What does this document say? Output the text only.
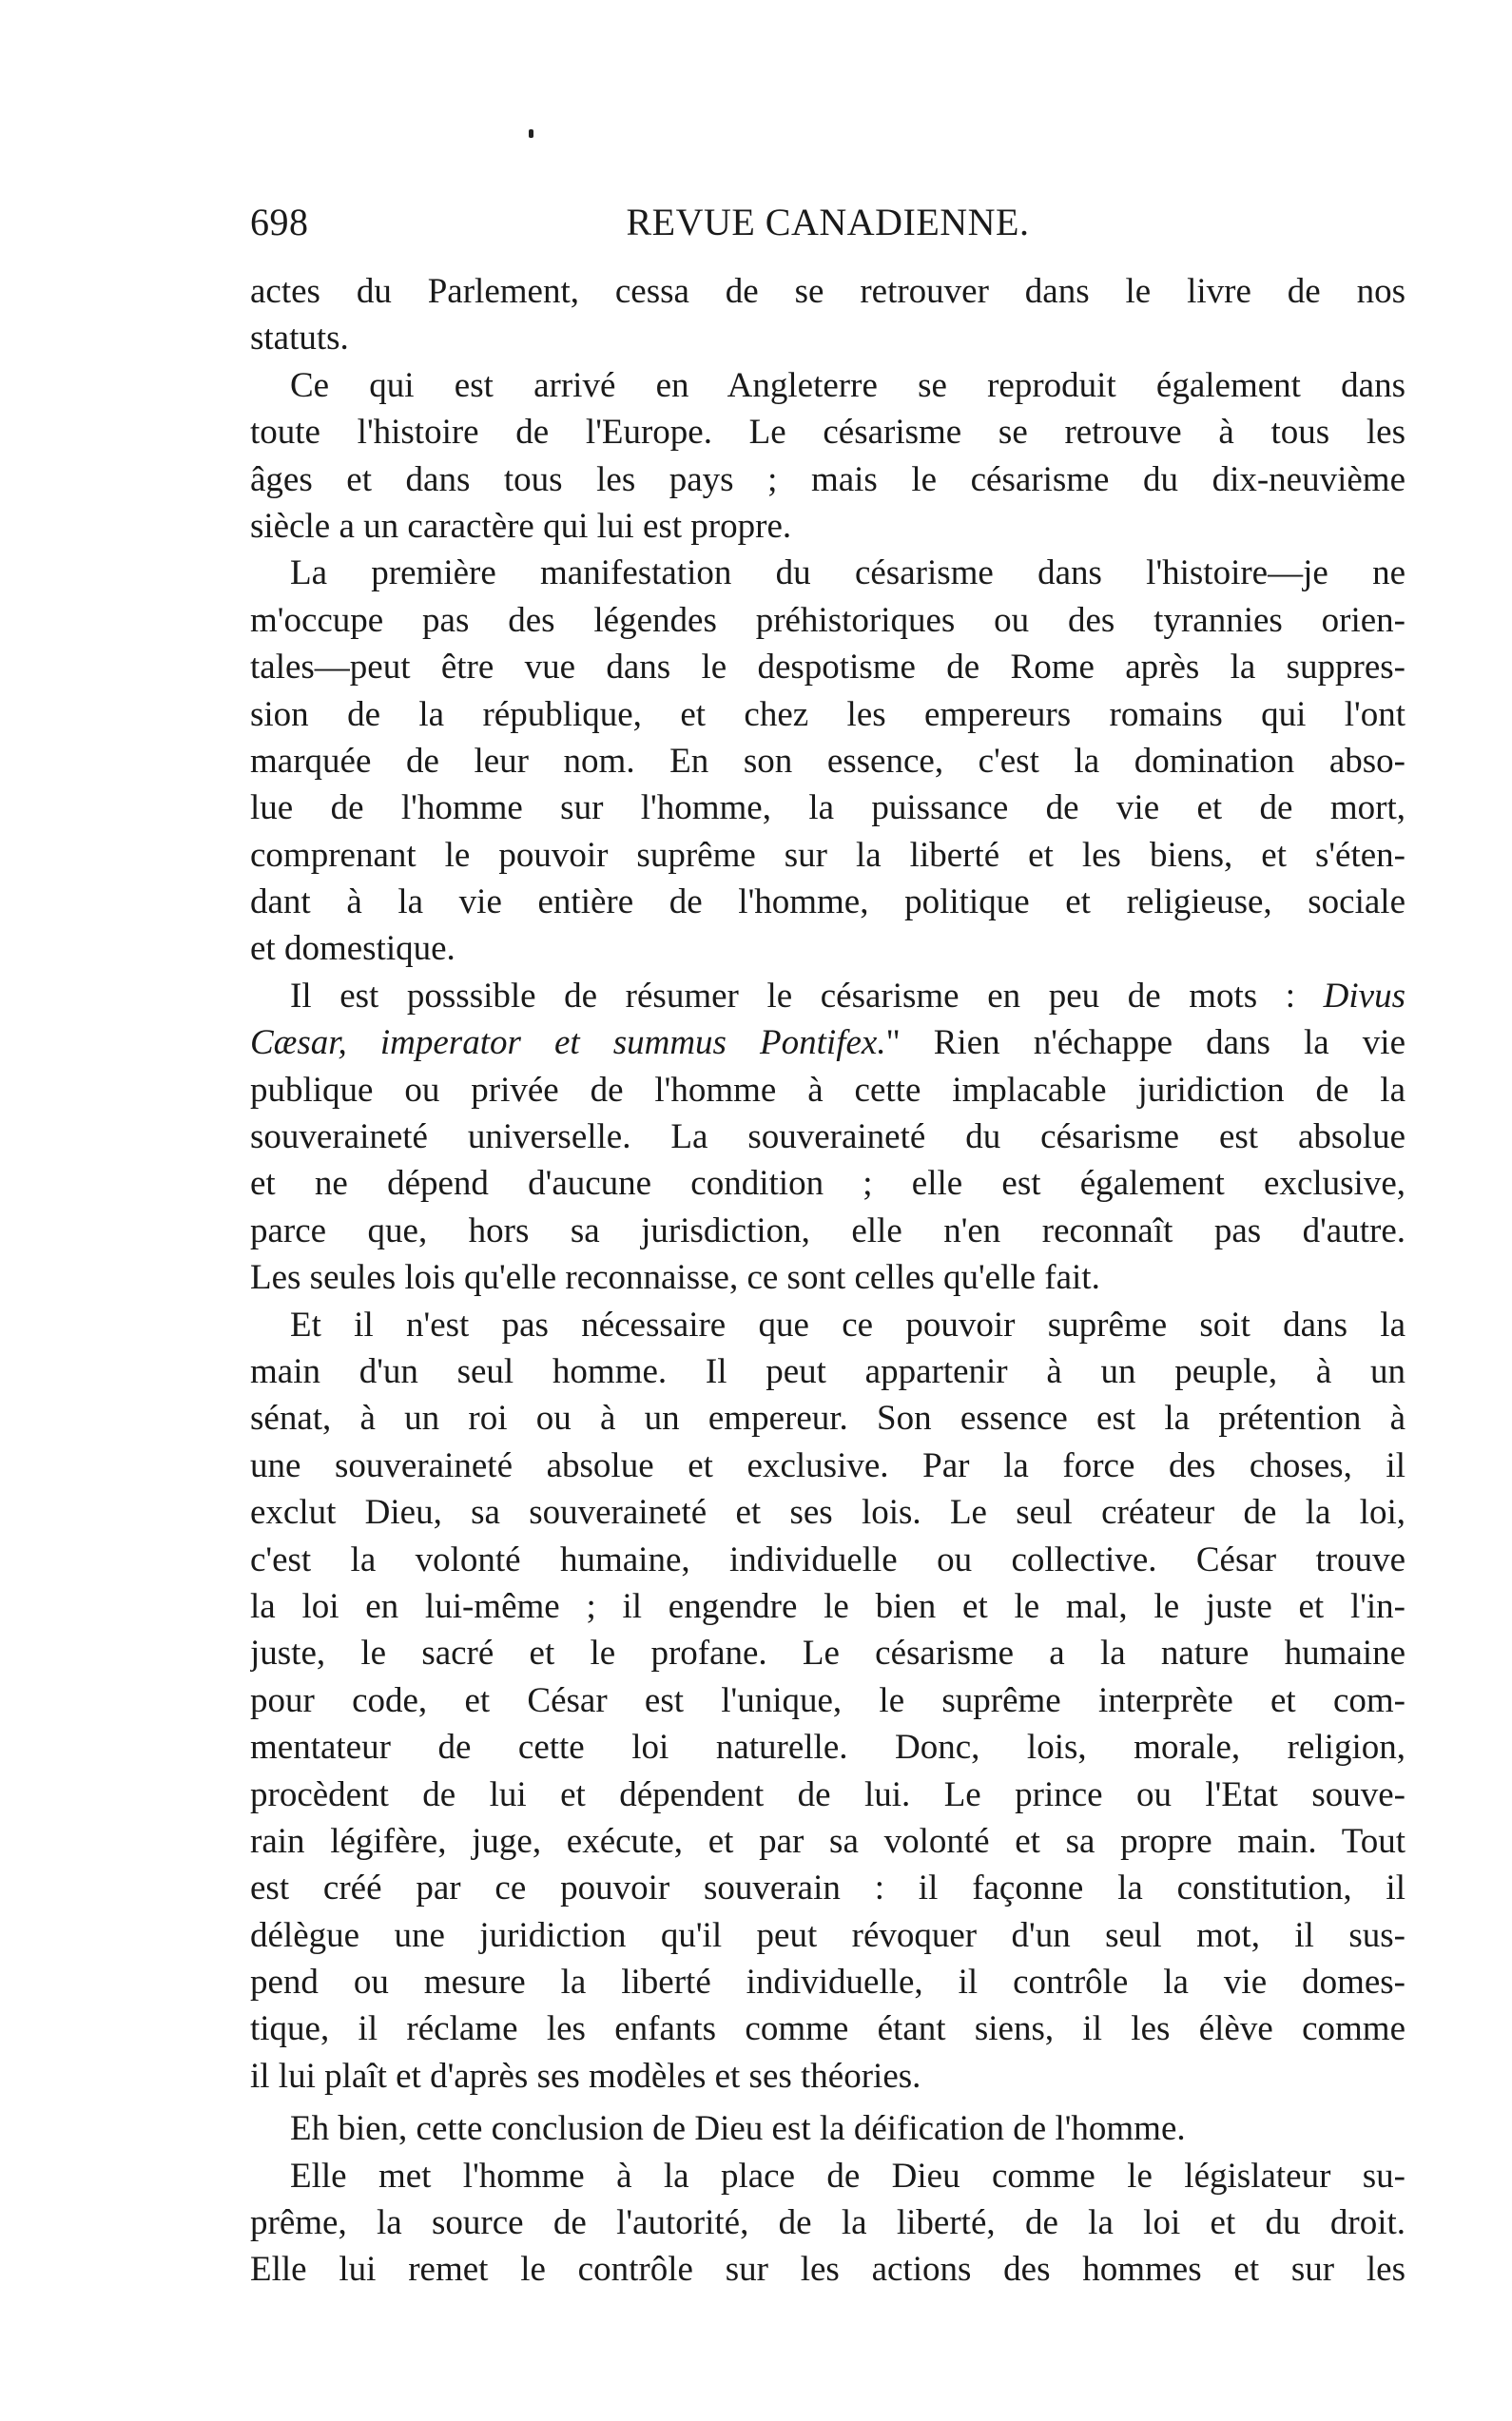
698	REVUE CANADIENNE.
actes du Parlement, cessa de se retrouver dans le livre de nos
statuts.
Ce qui est arrivé en Angleterre se reproduit également dans
toute l'histoire de l'Europe. Le césarisme se retrouve à tous les
âges et dans tous les pays ; mais le césarisme du dix-neuvième
siècle a un caractère qui lui est propre.
La première manifestation du césarisme dans l'histoire—je ne
m'occupe pas des légendes préhistoriques ou des tyrannies orien-
tales—peut être vue dans le despotisme de Rome après la suppres-
sion de la république, et chez les empereurs romains qui l'ont
marquée de leur nom. En son essence, c'est la domination abso-
lue de l'homme sur l'homme, la puissance de vie et de mort,
comprenant le pouvoir suprême sur la liberté et les biens, et s'éten-
dant à la vie entière de l'homme, politique et religieuse, sociale
et domestique.
Il est posssible de résumer le césarisme en peu de mots : Divus
Cæsar, imperator et summus Pontifex." Rien n'échappe dans la vie
publique ou privée de l'homme à cette implacable juridiction de la
souveraineté universelle. La souveraineté du césarisme est absolue
et ne dépend d'aucune condition ; elle est également exclusive,
parce que, hors sa jurisdiction, elle n'en reconnaît pas d'autre.
Les seules lois qu'elle reconnaisse, ce sont celles qu'elle fait.
Et il n'est pas nécessaire que ce pouvoir suprême soit dans la
main d'un seul homme. Il peut appartenir à un peuple, à un
sénat, à un roi ou à un empereur. Son essence est la prétention à
une souveraineté absolue et exclusive. Par la force des choses, il
exclut Dieu, sa souveraineté et ses lois. Le seul créateur de la loi,
c'est la volonté humaine, individuelle ou collective. César trouve
la loi en lui-même ; il engendre le bien et le mal, le juste et l'in-
juste, le sacré et le profane. Le césarisme a la nature humaine
pour code, et César est l'unique, le suprême interprète et com-
mentateur de cette loi naturelle. Donc, lois, morale, religion,
procèdent de lui et dépendent de lui. Le prince ou l'Etat souve-
rain légifère, juge, exécute, et par sa volonté et sa propre main. Tout
est créé par ce pouvoir souverain : il façonne la constitution, il
délègue une juridiction qu'il peut révoquer d'un seul mot, il sus-
pend ou mesure la liberté individuelle, il contrôle la vie domes-
tique, il réclame les enfants comme étant siens, il les élève comme
il lui plaît et d'après ses modèles et ses théories.
Eh bien, cette conclusion de Dieu est la déification de l'homme.
Elle met l'homme à la place de Dieu comme le législateur su-
prême, la source de l'autorité, de la liberté, de la loi et du droit.
Elle lui remet le contrôle sur les actions des hommes et sur les
